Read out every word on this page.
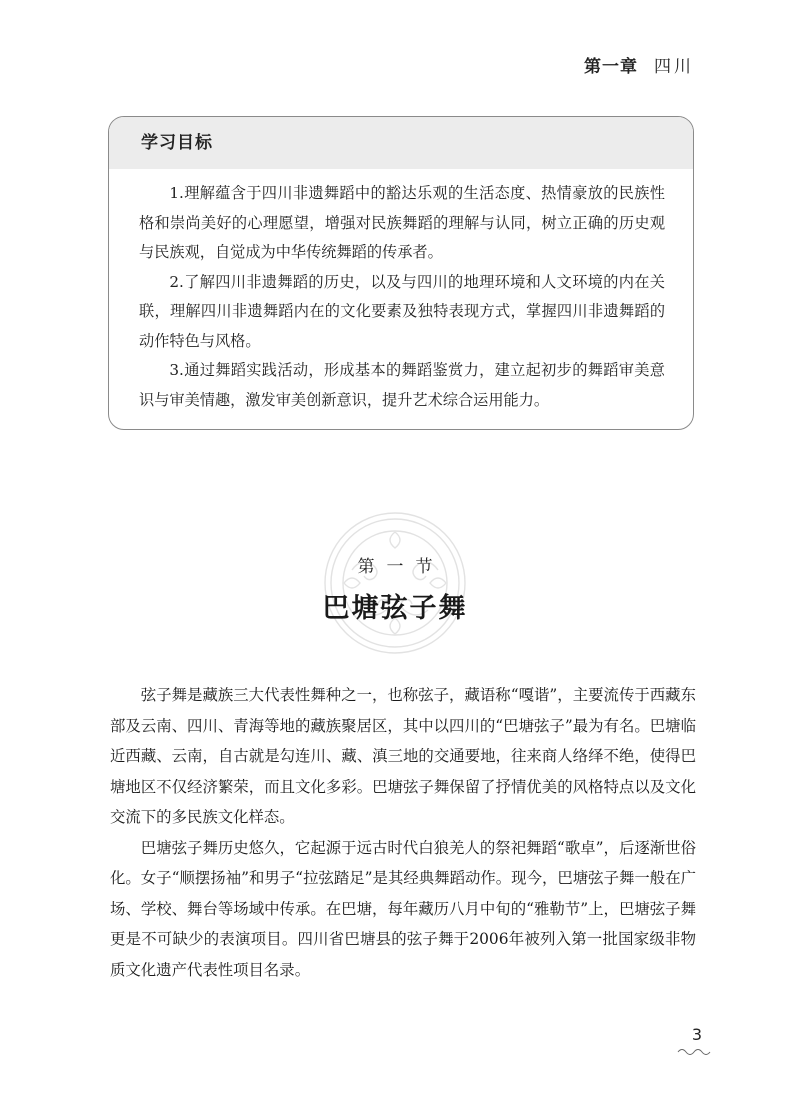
第一章 四川
学习目标

1.理解蕴含于四川非遗舞蹈中的豁达乐观的生活态度、热情豪放的民族性格和崇尚美好的心理愿望，增强对民族舞蹈的理解与认同，树立正确的历史观与民族观，自觉成为中华传统舞蹈的传承者。

2.了解四川非遗舞蹈的历史，以及与四川的地理环境和人文环境的内在关联，理解四川非遗舞蹈内在的文化要素及独特表现方式，掌握四川非遗舞蹈的动作特色与风格。

3.通过舞蹈实践活动，形成基本的舞蹈鉴赏力，建立起初步的舞蹈审美意识与审美情趣，激发审美创新意识，提升艺术综合运用能力。

第一节
巴塘弦子舞

弦子舞是藏族三大代表性舞种之一，也称弦子，藏语称“嘎谐”，主要流传于西藏东部及云南、四川、青海等地的藏族聚居区，其中以四川的“巴塘弦子”最为有名。巴塘临近西藏、云南，自古就是勾连川、藏、滇三地的交通要地，往来商人络绎不绝，使得巴塘地区不仅经济繁荣，而且文化多彩。巴塘弦子舞保留了抒情优美的风格特点以及文化交流下的多民族文化样态。

巴塘弦子舞历史悠久，它起源于远古时代白狼羌人的祭祀舞蹈“歌卓”，后逐渐世俗化。女子“顺摆扬袖”和男子“拉弦踏足”是其经典舞蹈动作。现今，巴塘弦子舞一般在广场、学校、舞台等场域中传承。在巴塘，每年藏历八月中旬的“雅勒节”上，巴塘弦子舞更是不可缺少的表演项目。四川省巴塘县的弦子舞于2006年被列入第一批国家级非物质文化遗产代表性项目名录。

3
